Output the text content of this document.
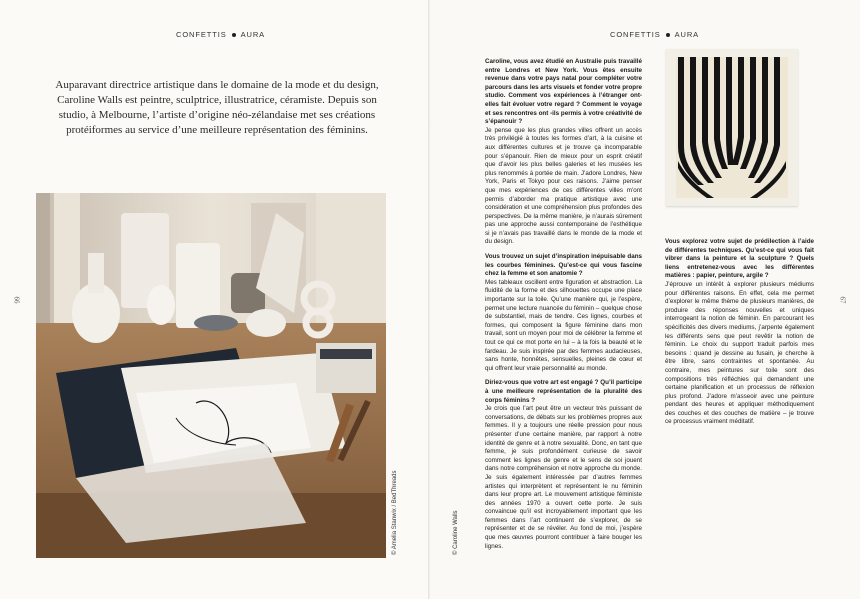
CONFETTIS AURA
66
Auparavant directrice artistique dans le domaine de la mode et du design, Caroline Walls est peintre, sculptrice, illustratrice, céramiste. Depuis son studio, à Melbourne, l’artiste d’origine néo-zélandaise met ses créations protéiformes au service d’une meilleure représentation des féminins.
© Amelia Stanwix / BedThreads
CONFETTIS AURA
67
© Caroline Walls

Caroline, vous avez étudié en Australie puis travaillé entre Londres et New York. Vous êtes ensuite revenue dans votre pays natal pour compléter votre parcours dans les arts visuels et fonder votre propre studio. Comment vos expériences à l’étranger ont-elles fait évoluer votre regard ? Comment le voyage et ses rencontres ont -ils permis à votre créativité de s’épanouir ?

Je pense que les plus grandes villes offrent un accès très privilégié à toutes les formes d’art, à la cuisine et aux différentes cultures et je trouve ça incomparable pour s’épanouir. Rien de mieux pour un esprit créatif que d’avoir les plus belles galeries et les musées les plus renommés à portée de main. J’adore Londres, New York, Paris et Tokyo pour ces raisons. J’aime penser que mes expériences de ces différentes villes m’ont permis d’aborder ma pratique artistique avec une considération et une compréhension plus profondes des perspectives. De la même manière, je n’aurais sûrement pas une approche aussi contemporaine de l’esthétique si je n’avais pas travaillé dans le monde de la mode et du design.

Vous trouvez un sujet d’inspiration inépuisable dans les courbes féminines. Qu’est-ce qui vous fascine chez la femme et son anatomie ?

Mes tableaux oscillent entre figuration et abstraction. La fluidité de la forme et des silhouettes occupe une place importante sur la toile. Qu’une manière qui, je l’espère, permet une lecture nuancée du féminin – quelque chose de substantiel, mais de tendre. Ces lignes, courbes et formes, qui composent la figure féminine dans mon travail, sont un moyen pour moi de célébrer la femme et tout ce qui ce mot porte en lui – à la fois la beauté et le fardeau. Je suis inspirée par des femmes audacieuses, sans honte, honnêtes, sensuelles, pleines de cœur et qui offrent leur vraie personnalité au monde.

Diriez-vous que votre art est engagé ? Qu’il participe à une meilleure représentation de la pluralité des corps féminins ?

Je crois que l’art peut être un vecteur très puissant de conversations, de débats sur les problèmes propres aux femmes. Il y a toujours une réelle pression pour nous présenter d’une certaine manière, par rapport à notre identité de genre et à notre sexualité. Donc, en tant que femme, je suis profondément curieuse de savoir comment les lignes de genre et le sens de soi jouent dans notre compréhension et notre approche du monde. Je suis également intéressée par d’autres femmes artistes qui interprètent et représentent le nu féminin dans leur propre art. Le mouvement artistique féministe des années 1970 a ouvert cette porte. Je suis convaincue qu’il est incroyablement important que les femmes dans l’art continuent de s’explorer, de se représenter et de se révéler. Au fond de moi, j’espère que mes œuvres pourront contribuer à faire bouger les lignes.

Vous explorez votre sujet de prédilection à l’aide de différentes techniques. Qu’est-ce qui vous fait vibrer dans la peinture et la sculpture ? Quels liens entretenez-vous avec les différentes matières : papier, peinture, argile ?

J’éprouve un intérêt à explorer plusieurs médiums pour différentes raisons. En effet, cela me permet d’explorer le même thème de plusieurs manières, de produire des réponses nouvelles et uniques interrogeant la notion de féminin. En parcourant les spécificités des divers mediums, j’arpente également les différents sens que peut revêtir la notion de féminin. Le choix du support traduit parfois mes besoins : quand je dessine au fusain, je cherche à être libre, sans contraintes et spontanée. Au contraire, mes peintures sur toile sont des compositions très réfléchies qui demandent une certaine planification et un processus de réflexion plus profond. J’adore m’asseoir avec une peinture pendant des heures et appliquer méthodiquement des couches et des couches de matière – je trouve ce processus vraiment méditatif.
